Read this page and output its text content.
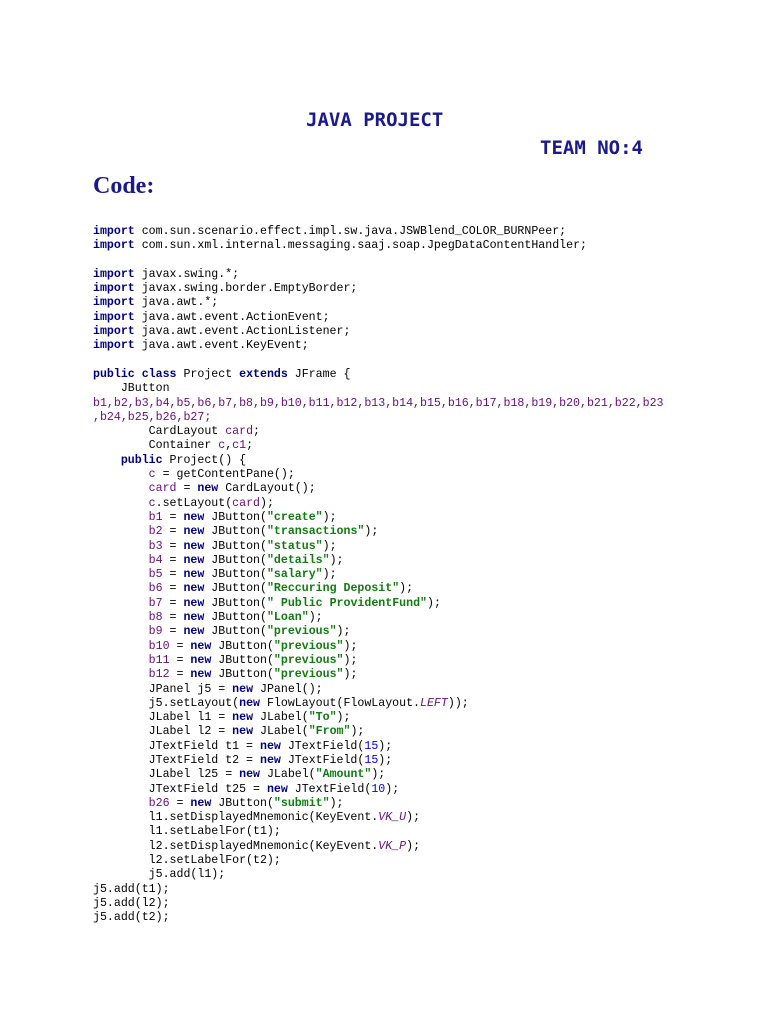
JAVA PROJECT
TEAM NO:4
Code:
import com.sun.scenario.effect.impl.sw.java.JSWBlend_COLOR_BURNPeer;
import com.sun.xml.internal.messaging.saaj.soap.JpegDataContentHandler;
import javax.swing.*;
import javax.swing.border.EmptyBorder;
import java.awt.*;
import java.awt.event.ActionEvent;
import java.awt.event.ActionListener;
import java.awt.event.KeyEvent;
public class Project extends JFrame {
JButton
b1,b2,b3,b4,b5,b6,b7,b8,b9,b10,b11,b12,b13,b14,b15,b16,b17,b18,b19,b20,b21,b22,b23
,b24,b25,b26,b27;
CardLayout card;
Container c,c1;
public Project() {
c = getContentPane();
card = new CardLayout();
c.setLayout(card);
b1 = new JButton("create");
b2 = new JButton("transactions");
b3 = new JButton("status");
b4 = new JButton("details");
b5 = new JButton("salary");
b6 = new JButton("Reccuring Deposit");
b7 = new JButton(" Public ProvidentFund");
b8 = new JButton("Loan");
b9 = new JButton("previous");
b10 = new JButton("previous");
b11 = new JButton("previous");
b12 = new JButton("previous");
JPanel j5 = new JPanel();
j5.setLayout(new FlowLayout(FlowLayout.LEFT));
JLabel l1 = new JLabel("To");
JLabel l2 = new JLabel("From");
JTextField t1 = new JTextField(15);
JTextField t2 = new JTextField(15);
JLabel l25 = new JLabel("Amount");
JTextField t25 = new JTextField(10);
b26 = new JButton("submit");
l1.setDisplayedMnemonic(KeyEvent.VK_U);
l1.setLabelFor(t1);
l2.setDisplayedMnemonic(KeyEvent.VK_P);
l2.setLabelFor(t2);
j5.add(l1);
j5.add(t1);
j5.add(l2);
j5.add(t2);
